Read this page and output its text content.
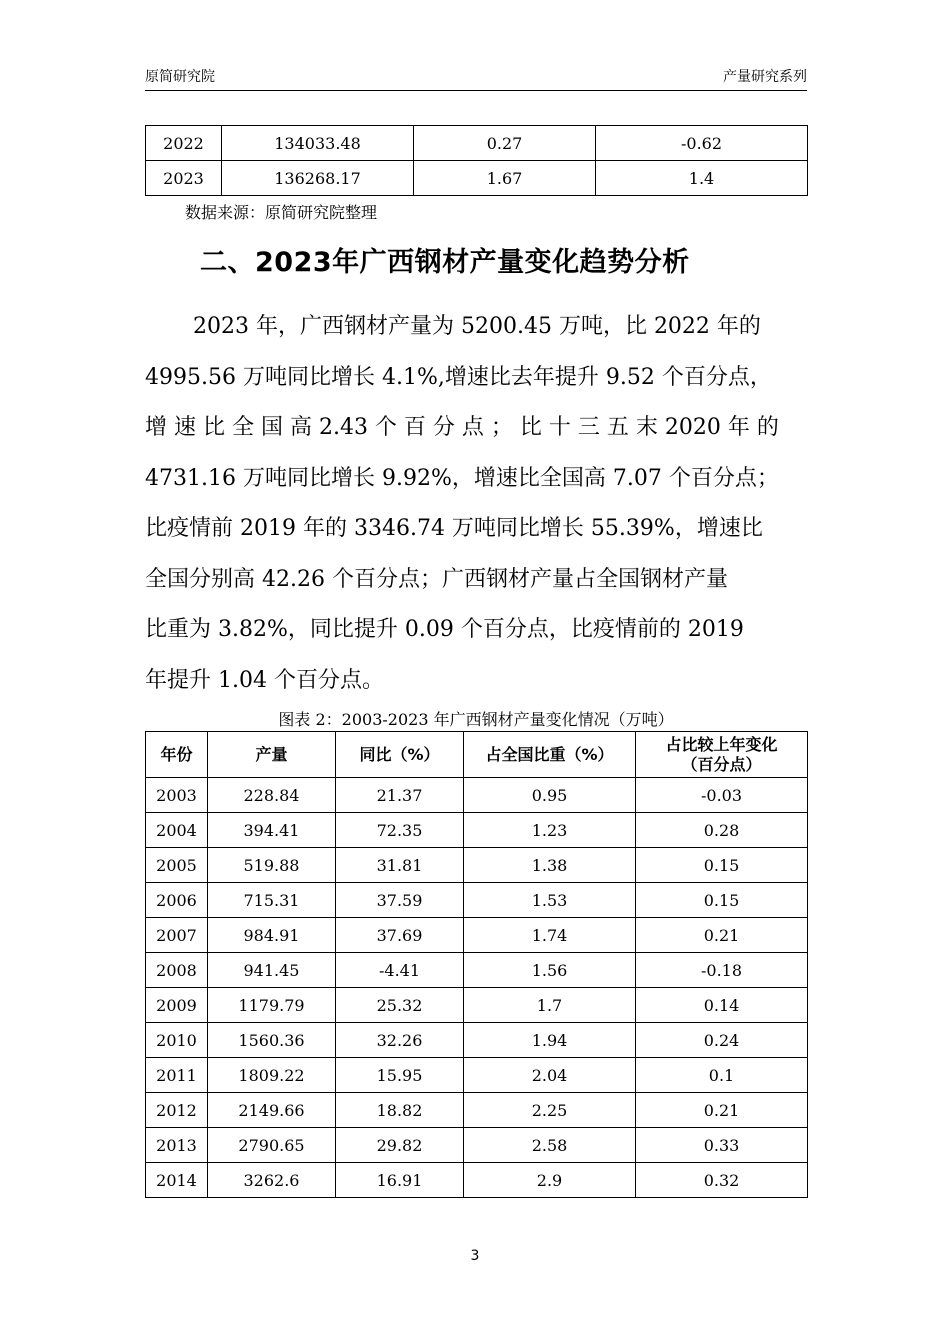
原简研究院	产量研究系列
2022	134033.48	0.27	-0.62
2023	136268.17	1.67	1.4
数据来源：原简研究院整理
二、2023年广西钢材产量变化趋势分析

2023 年，广西钢材产量为 5200.45 万吨，比 2022 年的

4995.56 万吨同比增长 4.1%,增速比去年提升 9.52 个百分点，

增 速 比 全 国 高 2.43 个 百 分 点 ； 比 十 三 五 末 2020 年 的

4731.16 万吨同比增长 9.92%，增速比全国高 7.07 个百分点；

比疫情前 2019 年的 3346.74 万吨同比增长 55.39%，增速比

全国分别高 42.26 个百分点；广西钢材产量占全国钢材产量

比重为 3.82%，同比提升 0.09 个百分点，比疫情前的 2019

年提升 1.04 个百分点。

图表 2：2003-2023 年广西钢材产量变化情况（万吨）
年份	产量	同比（%）	占全国比重（%）	占比较上年变化
（百分点）

2003	228.84	21.37	0.95	-0.03
2004	394.41	72.35	1.23	0.28
2005	519.88	31.81	1.38	0.15
2006	715.31	37.59	1.53	0.15
2007	984.91	37.69	1.74	0.21
2008	941.45	-4.41	1.56	-0.18
2009	1179.79	25.32	1.7	0.14
2010	1560.36	32.26	1.94	0.24
2011	1809.22	15.95	2.04	0.1
2012	2149.66	18.82	2.25	0.21
2013	2790.65	29.82	2.58	0.33
2014	3262.6	16.91	2.9	0.32
3
